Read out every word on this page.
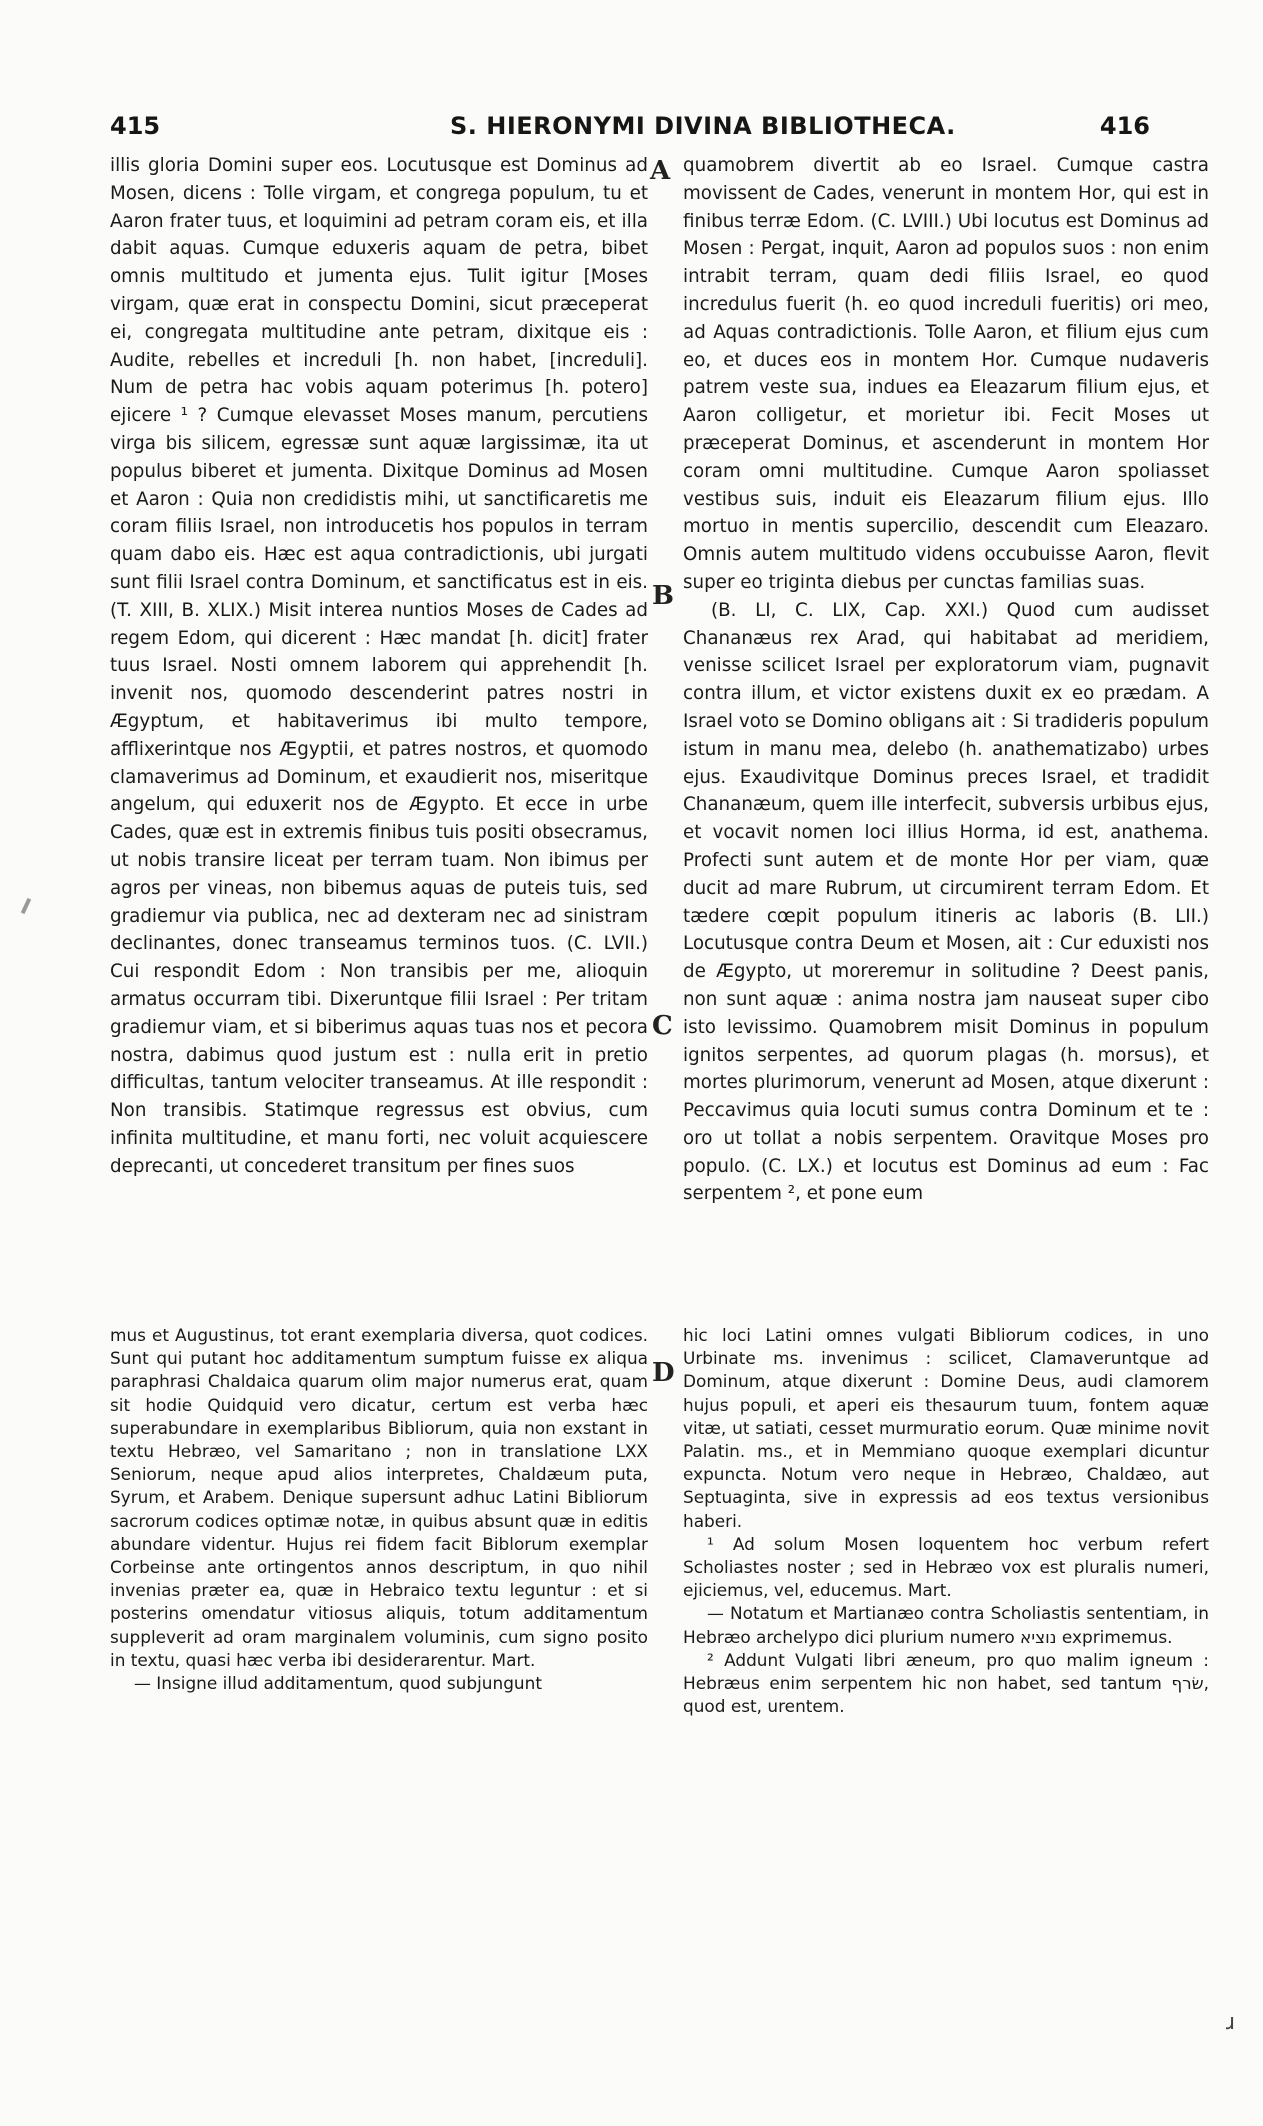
415	S. HIERONYMI DIVINA BIBLIOTHECA.	416

illis gloria Domini super eos. Locutusque est Dominus ad Mosen, dicens : Tolle virgam, et congrega populum, tu et Aaron frater tuus, et loquimini ad petram coram eis, et illa dabit aquas. Cumque eduxeris aquam de petra, bibet omnis multitudo et jumenta ejus. Tulit igitur [Moses virgam, quæ erat in conspectu Domini, sicut præceperat ei, congregata multitudine ante petram, dixitque eis : Audite, rebelles et increduli [h. non habet, [increduli]. Num de petra hac vobis aquam poterimus [h. potero] ejicere ¹ ? Cumque elevasset Moses manum, percutiens virga bis silicem, egressæ sunt aquæ largissimæ, ita ut populus biberet et jumenta. Dixitque Dominus ad Mosen et Aaron : Quia non credidistis mihi, ut sanctificaretis me coram filiis Israel, non introducetis hos populos in terram quam dabo eis. Hæc est aqua contradictionis, ubi jurgati sunt filii Israel contra Dominum, et sanctificatus est in eis. (T. XIII, B. XLIX.) Misit interea nuntios Moses de Cades ad regem Edom, qui dicerent : Hæc mandat [h. dicit] frater tuus Israel. Nosti omnem laborem qui apprehendit [h. invenit nos, quomodo descenderint patres nostri in Ægyptum, et habitaverimus ibi multo tempore, afflixerintque nos Ægyptii, et patres nostros, et quomodo clamaverimus ad Dominum, et exaudierit nos, miseritque angelum, qui eduxerit nos de Ægypto. Et ecce in urbe Cades, quæ est in extremis finibus tuis positi obsecramus, ut nobis transire liceat per terram tuam. Non ibimus per agros per vineas, non bibemus aquas de puteis tuis, sed gradiemur via publica, nec ad dexteram nec ad sinistram declinantes, donec transeamus terminos tuos. (C. LVII.) Cui respondit Edom : Non transibis per me, alioquin armatus occurram tibi. Dixeruntque filii Israel : Per tritam gradiemur viam, et si biberimus aquas tuas nos et pecora nostra, dabimus quod justum est : nulla erit in pretio difficultas, tantum velociter transeamus. At ille respondit : Non transibis. Statimque regressus est obvius, cum infinita multitudine, et manu forti, nec voluit acquiescere deprecanti, ut concederet transitum per fines suos

quamobrem divertit ab eo Israel. Cumque castra movissent de Cades, venerunt in montem Hor, qui est in finibus terræ Edom. (C. LVIII.) Ubi locutus est Dominus ad Mosen : Pergat, inquit, Aaron ad populos suos : non enim intrabit terram, quam dedi filiis Israel, eo quod incredulus fuerit (h. eo quod increduli fueritis) ori meo, ad Aquas contradictionis. Tolle Aaron, et filium ejus cum eo, et duces eos in montem Hor. Cumque nudaveris patrem veste sua, indues ea Eleazarum filium ejus, et Aaron colligetur, et morietur ibi. Fecit Moses ut præceperat Dominus, et ascenderunt in montem Hor coram omni multitudine. Cumque Aaron spoliasset vestibus suis, induit eis Eleazarum filium ejus. Illo mortuo in mentis supercilio, descendit cum Eleazaro. Omnis autem multitudo videns occubuisse Aaron, flevit super eo triginta diebus per cunctas familias suas.

(B. LI, C. LIX, Cap. XXI.) Quod cum audisset Chananæus rex Arad, qui habitabat ad meridiem, venisse scilicet Israel per exploratorum viam, pugnavit contra illum, et victor existens duxit ex eo prædam. A Israel voto se Domino obligans ait : Si tradideris populum istum in manu mea, delebo (h. anathematizabo) urbes ejus. Exaudivitque Dominus preces Israel, et tradidit Chananæum, quem ille interfecit, subversis urbibus ejus, et vocavit nomen loci illius Horma, id est, anathema. Profecti sunt autem et de monte Hor per viam, quæ ducit ad mare Rubrum, ut circumirent terram Edom. Et tædere cœpit populum itineris ac laboris (B. LII.) Locutusque contra Deum et Mosen, ait : Cur eduxisti nos de Ægypto, ut moreremur in solitudine ? Deest panis, non sunt aquæ : anima nostra jam nauseat super cibo isto levissimo. Quamobrem misit Dominus in populum ignitos serpentes, ad quorum plagas (h. morsus), et mortes plurimorum, venerunt ad Mosen, atque dixerunt : Peccavimus quia locuti sumus contra Dominum et te : oro ut tollat a nobis serpentem. Oravitque Moses pro populo. (C. LX.) et locutus est Dominus ad eum : Fac serpentem ², et pone eum

A
B
C
D

mus et Augustinus, tot erant exemplaria diversa, quot codices. Sunt qui putant hoc additamentum sumptum fuisse ex aliqua paraphrasi Chaldaica quarum olim major numerus erat, quam sit hodie Quidquid vero dicatur, certum est verba hæc superabundare in exemplaribus Bibliorum, quia non exstant in textu Hebræo, vel Samaritano ; non in translatione LXX Seniorum, neque apud alios interpretes, Chaldæum puta, Syrum, et Arabem. Denique supersunt adhuc Latini Bibliorum sacrorum codices optimæ notæ, in quibus absunt quæ in editis abundare videntur. Hujus rei fidem facit Biblorum exemplar Corbeinse ante ortingentos annos descriptum, in quo nihil invenias præter ea, quæ in Hebraico textu leguntur : et si posterins omendatur vitiosus aliquis, totum additamentum suppleverit ad oram marginalem voluminis, cum signo posito in textu, quasi hæc verba ibi desiderarentur. Mart.

— Insigne illud additamentum, quod subjungunt

hic loci Latini omnes vulgati Bibliorum codices, in uno Urbinate ms. invenimus : scilicet, Clamaveruntque ad Dominum, atque dixerunt : Domine Deus, audi clamorem hujus populi, et aperi eis thesaurum tuum, fontem aquæ vitæ, ut satiati, cesset murmuratio eorum. Quæ minime novit Palatin. ms., et in Memmiano quoque exemplari dicuntur expuncta. Notum vero neque in Hebræo, Chaldæo, aut Septuaginta, sive in expressis ad eos textus versionibus haberi.

¹ Ad solum Mosen loquentem hoc verbum refert Scholiastes noster ; sed in Hebræo vox est pluralis numeri, ejiciemus, vel, educemus. Mart.

— Notatum et Martianæo contra Scholiastis sententiam, in Hebræo archelypo dici plurium numero נוציא exprimemus.

² Addunt Vulgati libri æneum, pro quo malim igneum : Hebræus enim serpentem hic non habet, sed tantum שׂרף, quod est, urentem.

ɹ
